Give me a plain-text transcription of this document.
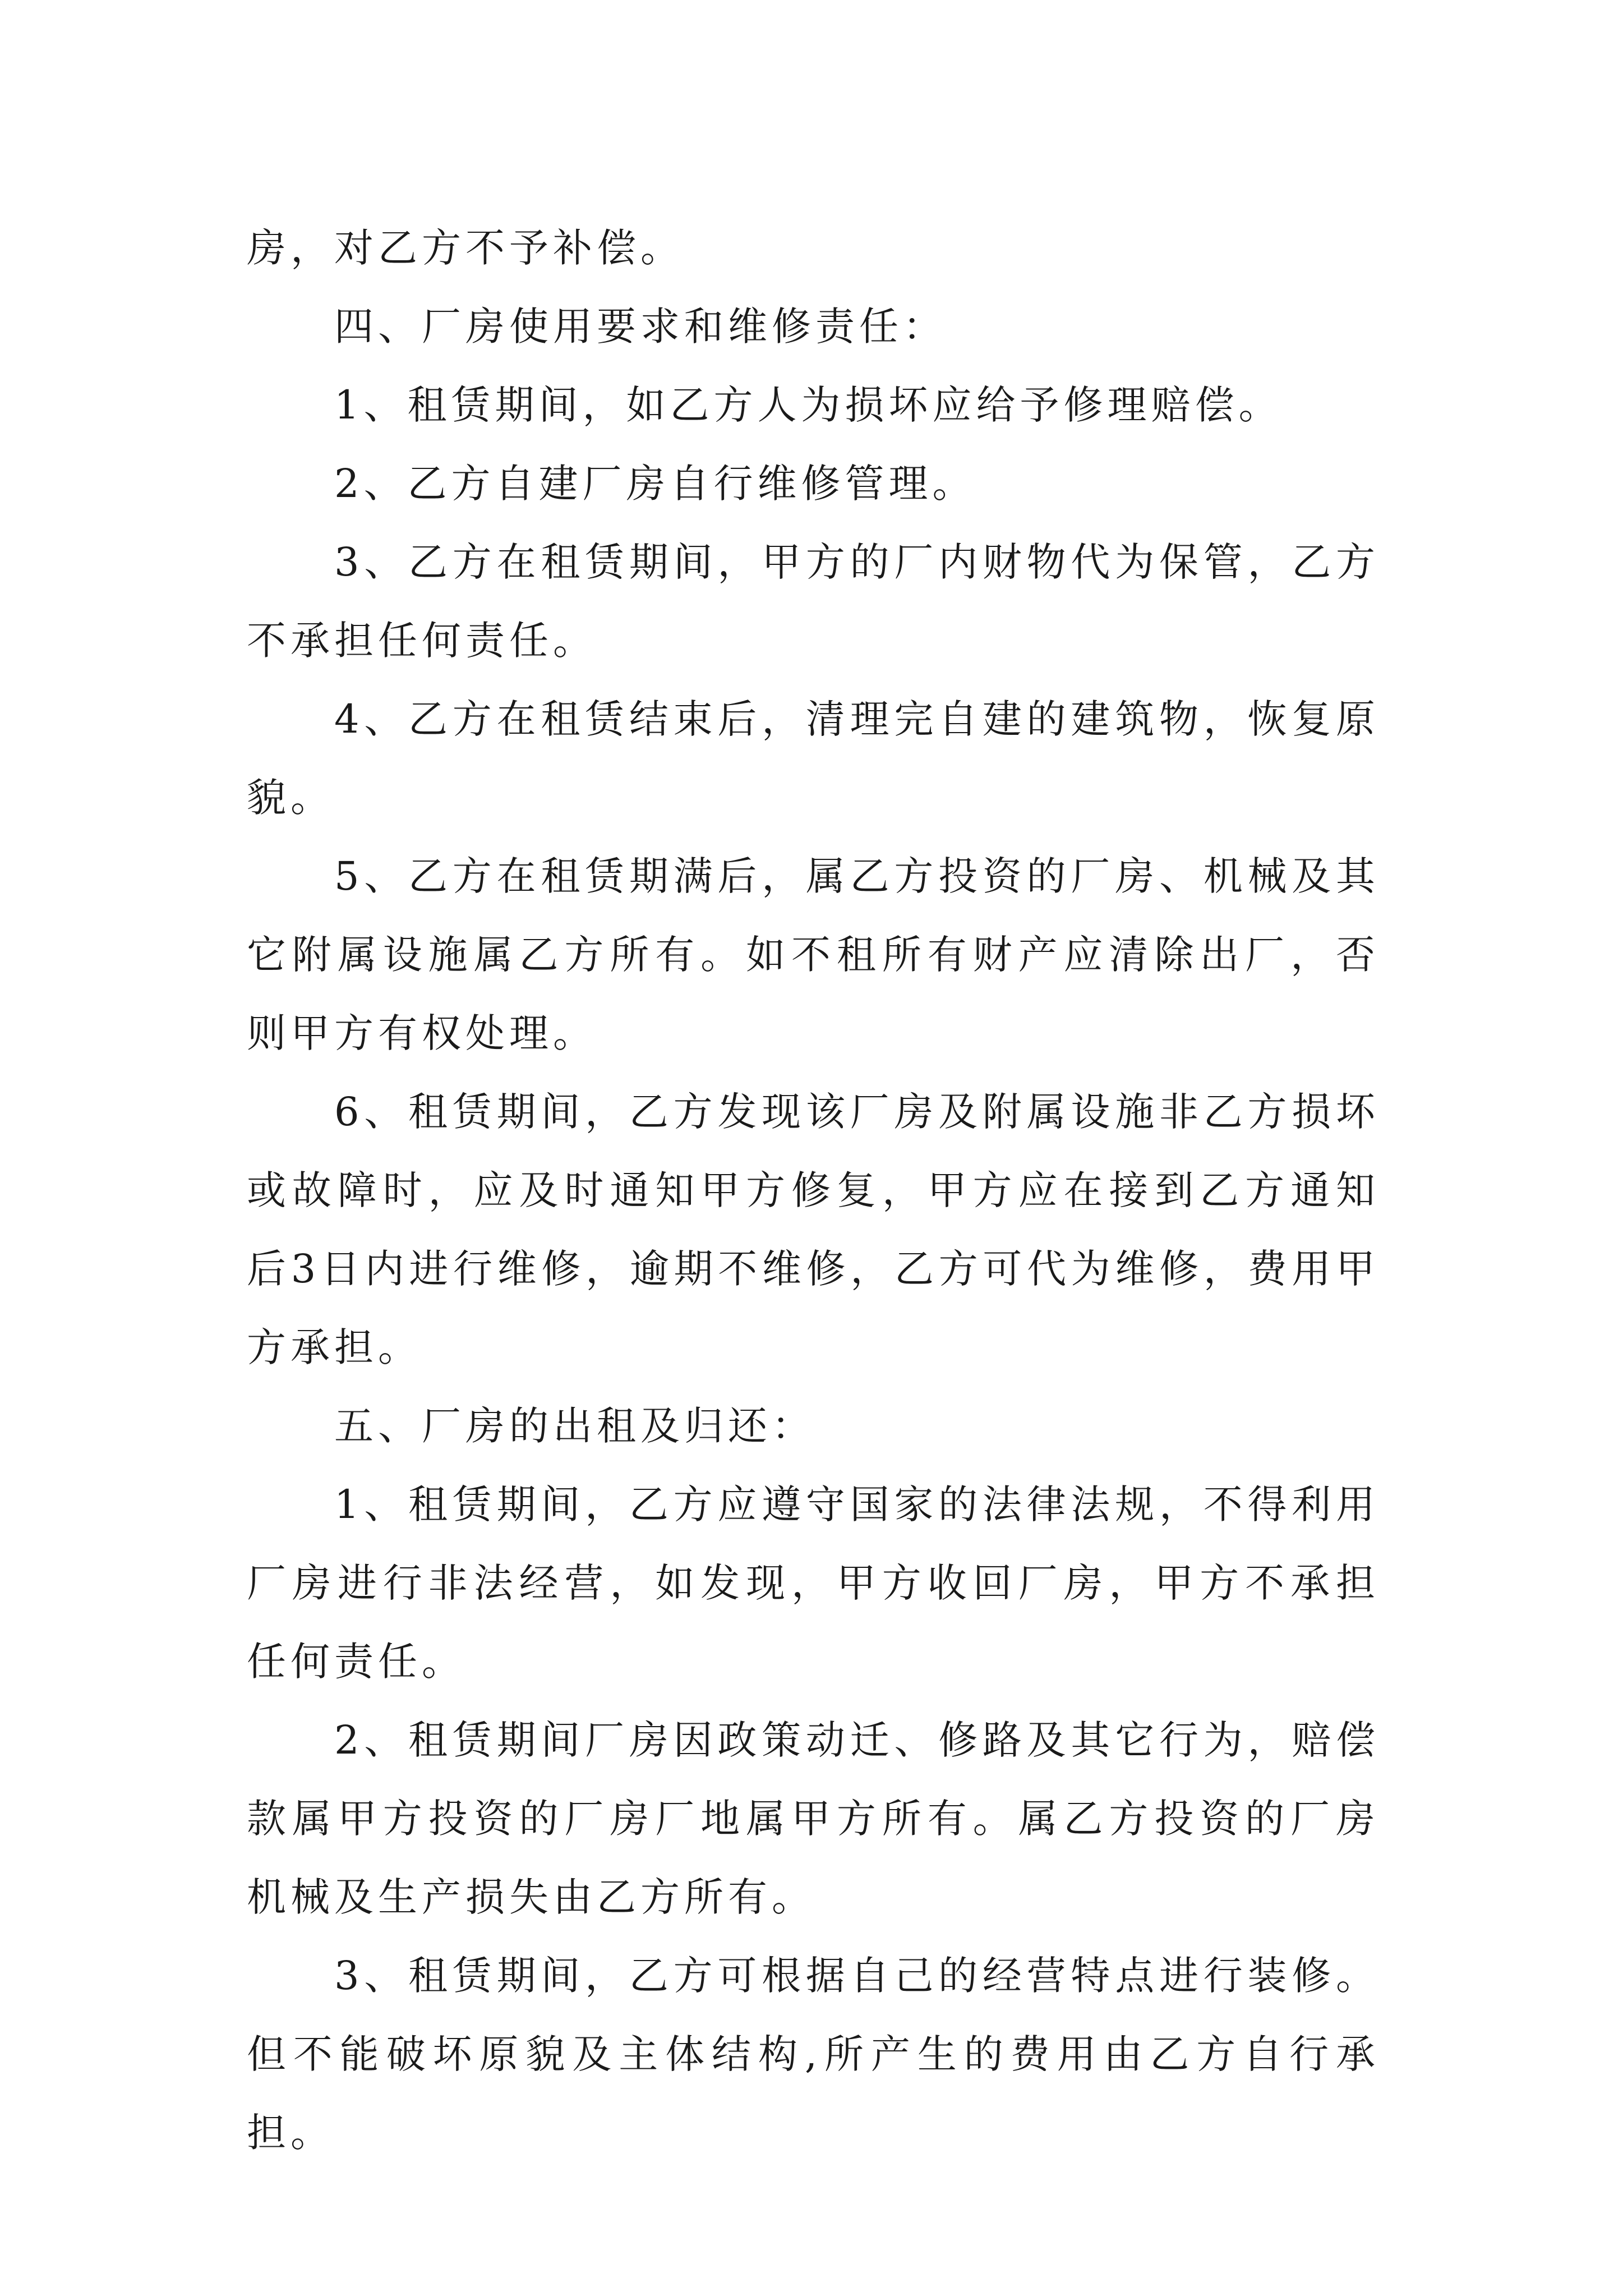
房，对乙方不予补偿。

四、厂房使用要求和维修责任：

1、租赁期间，如乙方人为损坏应给予修理赔偿。

2、乙方自建厂房自行维修管理。

3、乙方在租赁期间，甲方的厂内财物代为保管，乙方不承担任何责任。

4、乙方在租赁结束后，清理完自建的建筑物，恢复原貌。

5、乙方在租赁期满后，属乙方投资的厂房、机械及其它附属设施属乙方所有。如不租所有财产应清除出厂，否则甲方有权处理。

6、租赁期间，乙方发现该厂房及附属设施非乙方损坏或故障时，应及时通知甲方修复，甲方应在接到乙方通知后3日内进行维修，逾期不维修，乙方可代为维修，费用甲方承担。

五、厂房的出租及归还：

1、租赁期间，乙方应遵守国家的法律法规，不得利用厂房进行非法经营，如发现，甲方收回厂房，甲方不承担任何责任。

2、租赁期间厂房因政策动迁、修路及其它行为，赔偿款属甲方投资的厂房厂地属甲方所有。属乙方投资的厂房机械及生产损失由乙方所有。

3、租赁期间，乙方可根据自己的经营特点进行装修。但不能破坏原貌及主体结构,所产生的费用由乙方自行承担。
